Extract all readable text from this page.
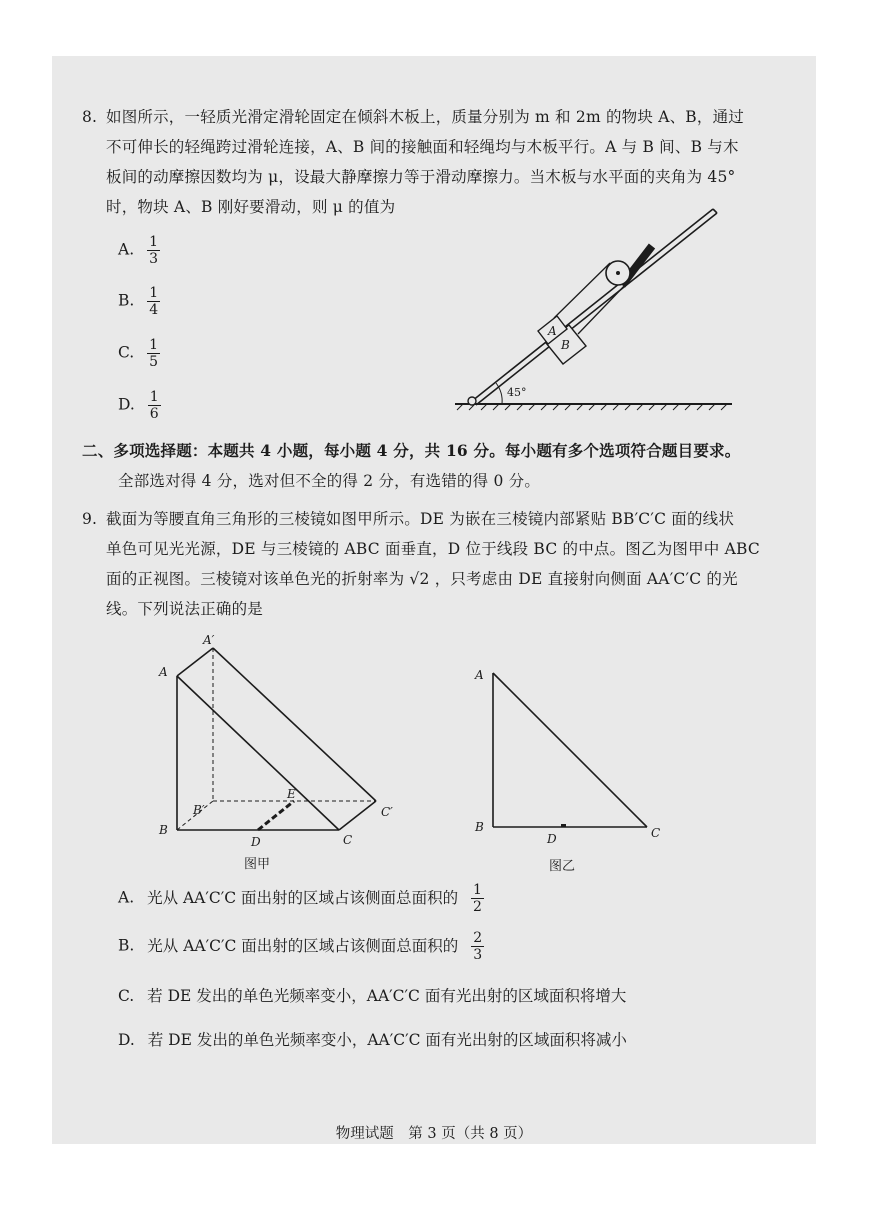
8. 如图所示，一轻质光滑定滑轮固定在倾斜木板上，质量分别为 m 和 2m 的物块 A、B，通过
不可伸长的轻绳跨过滑轮连接，A、B 间的接触面和轻绳均与木板平行。A 与 B 间、B 与木
板间的动摩擦因数均为 μ，设最大静摩擦力等于滑动摩擦力。当木板与水平面的夹角为 45°
时，物块 A、B 刚好要滑动，则 μ 的值为
A. $\frac{1}{3}$
B. $\frac{1}{4}$
C. $\frac{1}{5}$
D. $\frac{1}{6}$	45°
B
A
二、多项选择题：本题共 4 小题，每小题 4 分，共 16 分。每小题有多个选项符合题目要求。
全部选对得 4 分，选对但不全的得 2 分，有选错的得 0 分。
9. 截面为等腰直角三角形的三棱镜如图甲所示。DE 为嵌在三棱镜内部紧贴 BB′C′C 面的线状
单色可见光光源，DE 与三棱镜的 ABC 面垂直，D 位于线段 BC 的中点。图乙为图甲中 ABC
面的正视图。三棱镜对该单色光的折射率为 √2 ，只考虑由 DE 直接射向侧面 AA′C′C 的光
线。下列说法正确的是
A
A′
B
B′
C
C′
D
E
图甲
A
B	C
D
图乙
A. 光从 AA′C′C 面出射的区域占该侧面总面积的 $\frac{1}{2}$
B. 光从 AA′C′C 面出射的区域占该侧面总面积的 $\frac{2}{3}$
C. 若 DE 发出的单色光频率变小，AA′C′C 面有光出射的区域面积将增大
D. 若 DE 发出的单色光频率变小，AA′C′C 面有光出射的区域面积将减小
物理试题　第 3 页（共 8 页）
